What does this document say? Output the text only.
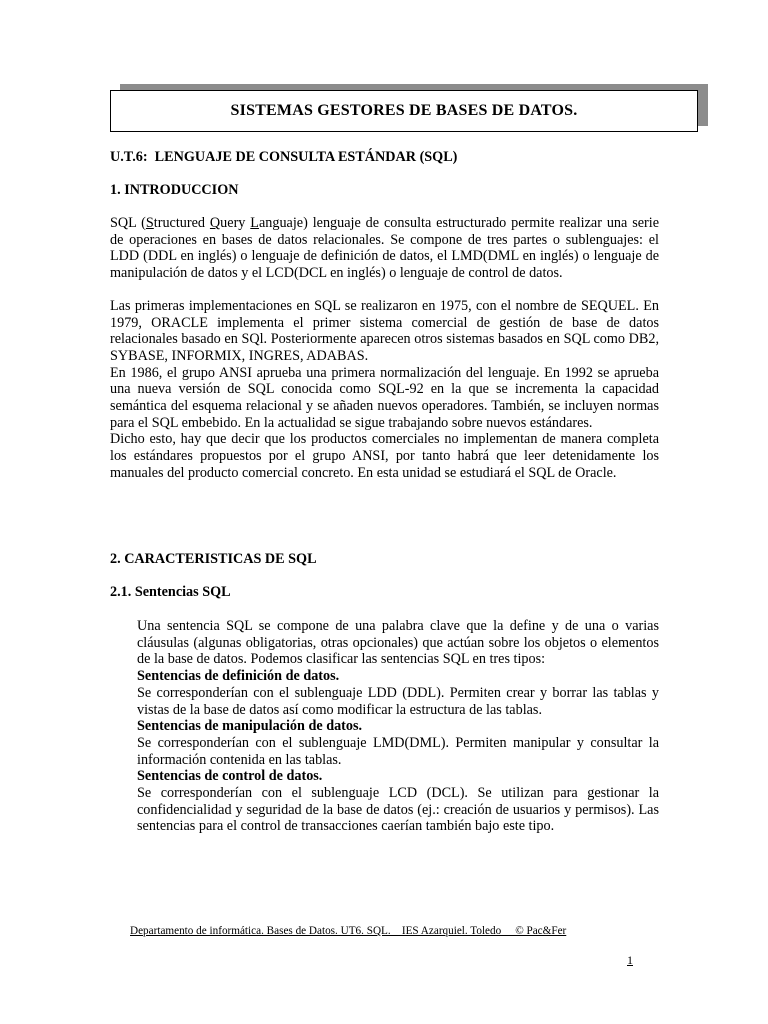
SISTEMAS GESTORES DE BASES DE DATOS.
U.T.6: LENGUAJE DE CONSULTA ESTÁNDAR (SQL)
1. INTRODUCCION

SQL (Structured Query Languaje) lenguaje de consulta estructurado permite realizar una serie de operaciones en bases de datos relacionales. Se compone de tres partes o sublenguajes: el LDD (DDL en inglés) o lenguaje de definición de datos, el LMD(DML en inglés) o lenguaje de manipulación de datos y el LCD(DCL en inglés) o lenguaje de control de datos.

Las primeras implementaciones en SQL se realizaron en 1975, con el nombre de SEQUEL. En 1979, ORACLE implementa el primer sistema comercial de gestión de base de datos relacionales basado en SQl. Posteriormente aparecen otros sistemas basados en SQL como DB2, SYBASE, INFORMIX, INGRES, ADABAS.

En 1986, el grupo ANSI aprueba una primera normalización del lenguaje. En 1992 se aprueba una nueva versión de SQL conocida como SQL-92 en la que se incrementa la capacidad semántica del esquema relacional y se añaden nuevos operadores. También, se incluyen normas para el SQL embebido. En la actualidad se sigue trabajando sobre nuevos estándares.

Dicho esto, hay que decir que los productos comerciales no implementan de manera completa los estándares propuestos por el grupo ANSI, por tanto habrá que leer detenidamente los manuales del producto comercial concreto. En esta unidad se estudiará el SQL de Oracle.

2. CARACTERISTICAS DE SQL
2.1. Sentencias SQL

Una sentencia SQL se compone de una palabra clave que la define y de una o varias cláusulas (algunas obligatorias, otras opcionales) que actúan sobre los objetos o elementos de la base de datos. Podemos clasificar las sentencias SQL en tres tipos:

Sentencias de definición de datos.

Se corresponderían con el sublenguaje LDD (DDL). Permiten crear y borrar las tablas y vistas de la base de datos así como modificar la estructura de las tablas.

Sentencias de manipulación de datos.

Se corresponderían con el sublenguaje LMD(DML). Permiten manipular y consultar la información contenida en las tablas.

Sentencias de control de datos.

Se corresponderían con el sublenguaje LCD (DCL). Se utilizan para gestionar la confidencialidad y seguridad de la base de datos (ej.: creación de usuarios y permisos). Las sentencias para el control de transacciones caerían también bajo este tipo.

Departamento de informática. Bases de Datos. UT6. SQL.    IES Azarquiel. Toledo     © Pac&Fer
1
